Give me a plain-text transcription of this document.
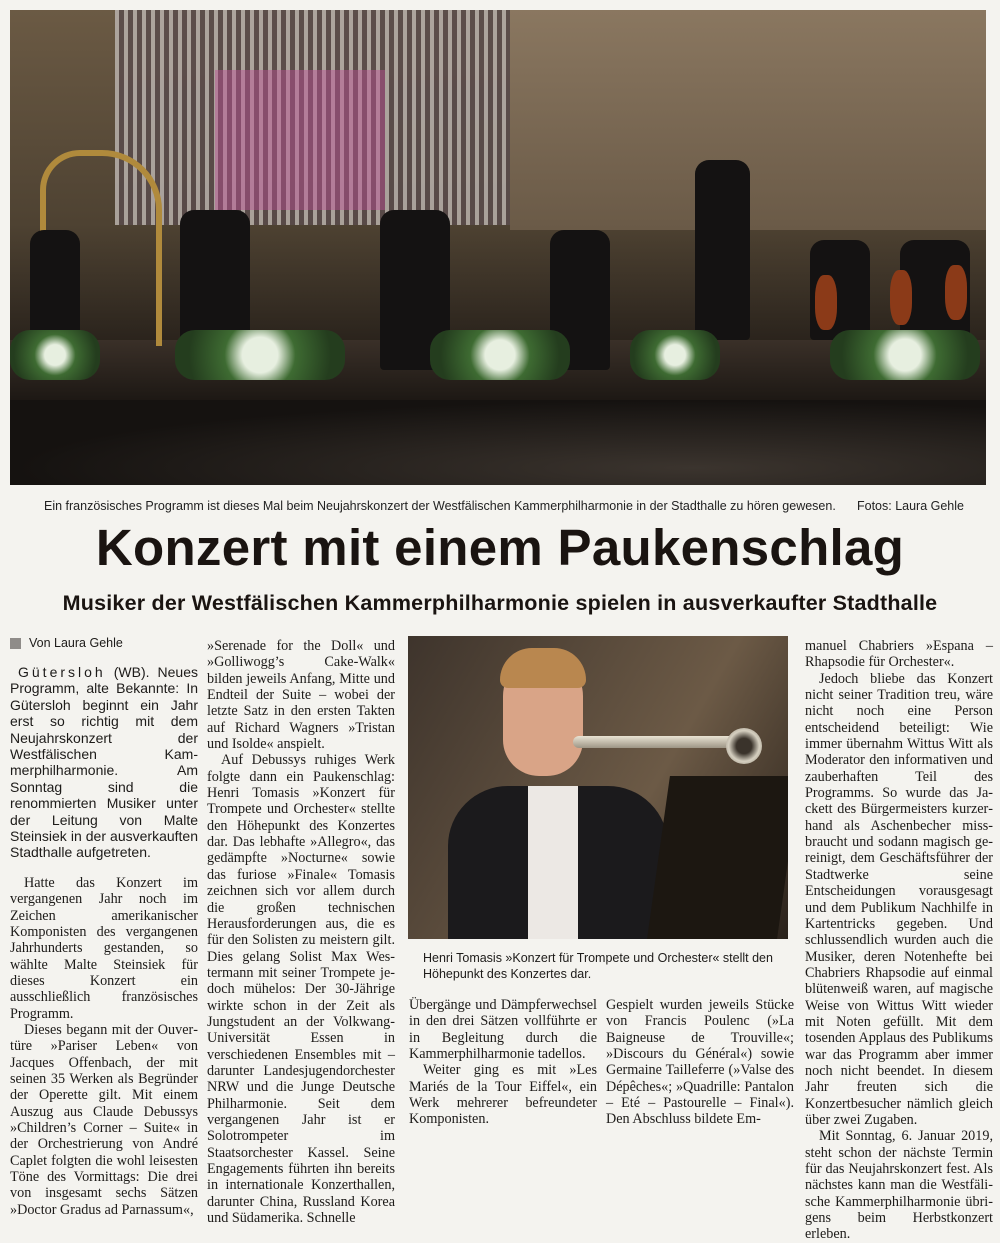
Ein französisches Programm ist dieses Mal beim Neujahrskonzert der Westfälischen Kammerphilharmonie in der Stadthalle zu hören gewesen. Fotos: Laura Gehle
Konzert mit einem Paukenschlag
Musiker der Westfälischen Kammerphilharmonie spielen in ausverkaufter Stadthalle
Von Laura Gehle

Gütersloh (WB). Neues Programm, alte Bekannte: In Gütersloh beginnt ein Jahr erst so richtig mit dem Neujahrskonzert der Westfälischen Kammerphilharmonie. Am Sonntag sind die renommierten Musiker unter der Leitung von Malte Steinsiek in der ausverkauften Stadthalle aufgetreten.

Hatte das Konzert im vergangenen Jahr noch im Zeichen amerikanischer Komponisten des vergangenen Jahrhunderts gestanden, so wählte Malte Steinsiek für dieses Konzert ein ausschließlich französisches Programm.

Dieses begann mit der Ouvertüre »Pariser Leben« von Jacques Offenbach, der mit seinen 35 Werken als Begründer der Operette gilt. Mit einem Auszug aus Claude Debussys »Children’s Corner – Suite« in der Orchestrierung von André Caplet folgten die wohl leisesten Töne des Vormittags: Die drei von insgesamt sechs Sätzen »Doctor Gradus ad Parnassum«,

»Serenade for the Doll« und »Golliwogg’s Cake-Walk« bilden jeweils Anfang, Mitte und Endteil der Suite – wobei der letzte Satz in den ersten Takten auf Richard Wagners »Tristan und Isolde« anspielt.

Auf Debussys ruhiges Werk folgte dann ein Paukenschlag: Henri Tomasis »Konzert für Trompete und Orchester« stellte den Höhepunkt des Konzertes dar. Das lebhafte »Allegro«, das gedämpfte »Nocturne« sowie das furiose »Finale« Tomasis zeichnen sich vor allem durch die großen technischen Herausforderungen aus, die es für den Solisten zu meistern gilt. Dies gelang Solist Max Westermann mit seiner Trompete jedoch mühelos: Der 30-Jährige wirkte schon in der Zeit als Jungstudent an der Volkwang-Universität Essen in verschiedenen Ensembles mit – darunter Landesjugendorchester NRW und die Junge Deutsche Philharmonie. Seit dem vergangenen Jahr ist er Solotrompeter im Staatsorchester Kassel. Seine Engagements führten ihn bereits in internationale Konzerthallen, darunter China, Russland Korea und Südamerika. Schnelle

Henri Tomasis »Konzert für Trompete und Orchester« stellt den Höhepunkt des Konzertes dar.

Übergänge und Dämpferwechsel in den drei Sätzen vollführte er in Begleitung durch die Kammerphilharmonie tadellos.

Weiter ging es mit »Les Mariés de la Tour Eiffel«, ein Werk mehrerer befreundeter Komponisten.

Gespielt wurden jeweils Stücke von Francis Poulenc (»La Baigneuse de Trouville«; »Discours du Général«) sowie Germaine Tailleferre (»Valse des Dépêches«; »Quadrille: Pantalon – Eté – Pastourelle – Final«). Den Abschluss bildete Em-

manuel Chabriers »Espana – Rhapsodie für Orchester«.

Jedoch bliebe das Konzert nicht seiner Tradition treu, wäre nicht noch eine Person entscheidend beteiligt: Wie immer übernahm Wittus Witt als Moderator den informativen und zauberhaften Teil des Programms. So wurde das Jackett des Bürgermeisters kurzerhand als Aschenbecher missbraucht und sodann magisch gereinigt, dem Geschäftsführer der Stadtwerke seine Entscheidungen vorausgesagt und dem Publikum Nachhilfe in Kartentricks gegeben. Und schlussendlich wurden auch die Musiker, deren Notenhefte bei Chabriers Rhapsodie auf einmal blütenweiß waren, auf magische Weise von Wittus Witt wieder mit Noten gefüllt. Mit dem tosenden Applaus des Publikums war das Programm aber immer noch nicht beendet. In diesem Jahr freuten sich die Konzertbesucher nämlich gleich über zwei Zugaben.

Mit Sonntag, 6. Januar 2019, steht schon der nächste Termin für das Neujahrskonzert fest. Als nächstes kann man die Westfälische Kammerphilharmonie übrigens beim Herbstkonzert erleben.
